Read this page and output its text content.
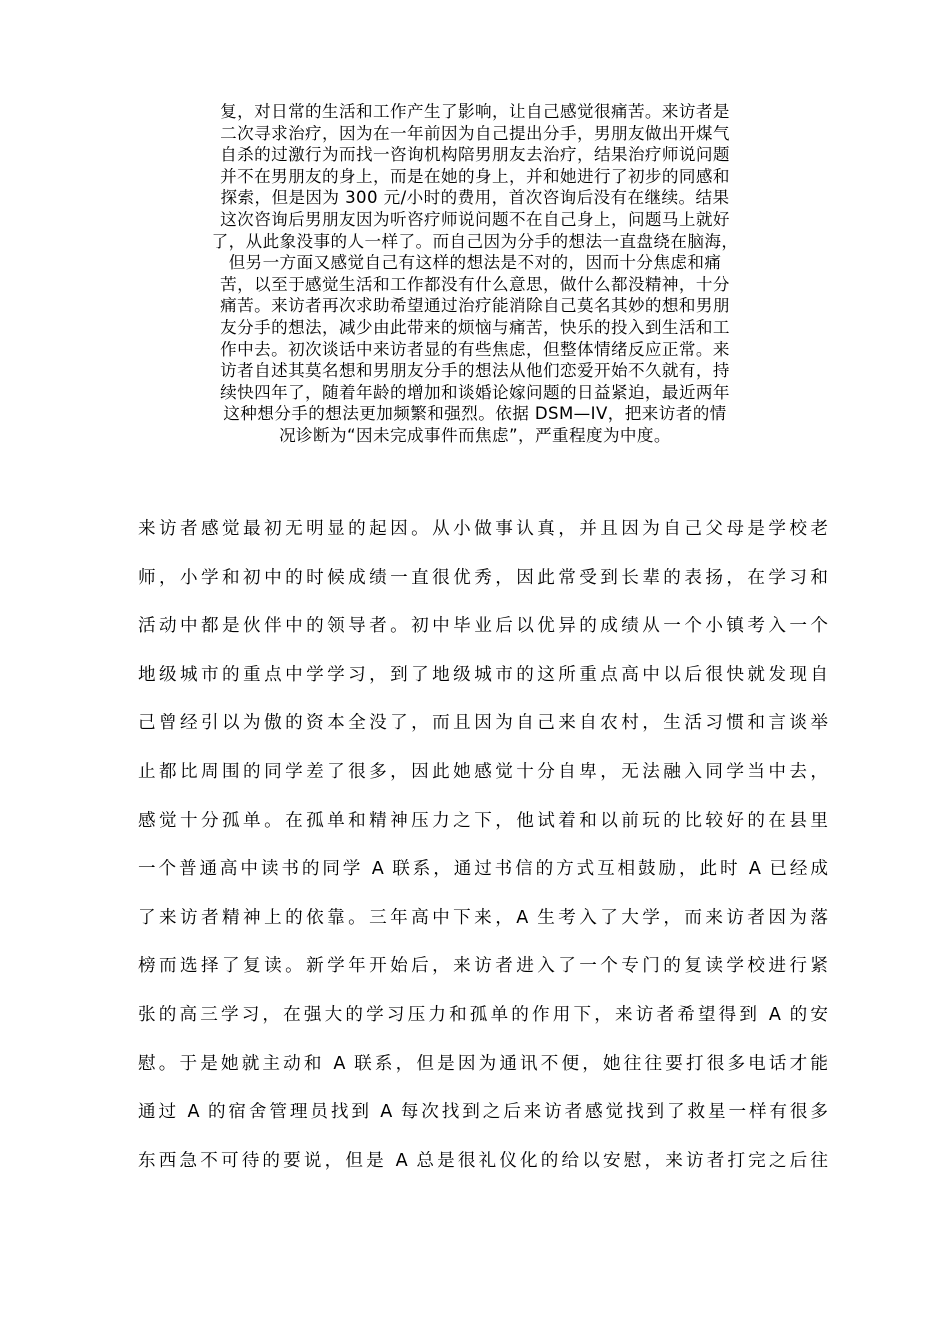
复，对日常的生活和工作产生了影响，让自己感觉很痛苦。来访者是
二次寻求治疗，因为在一年前因为自己提出分手，男朋友做出开煤气
自杀的过激行为而找一咨询机构陪男朋友去治疗，结果治疗师说问题
并不在男朋友的身上，而是在她的身上，并和她进行了初步的同感和
探索，但是因为 300 元/小时的费用，首次咨询后没有在继续。结果
这次咨询后男朋友因为听咨疗师说问题不在自己身上，问题马上就好
了，从此象没事的人一样了。而自己因为分手的想法一直盘绕在脑海，
但另一方面又感觉自己有这样的想法是不对的，因而十分焦虑和痛
苦，以至于感觉生活和工作都没有什么意思，做什么都没精神，十分
痛苦。来访者再次求助希望通过治疗能消除自己莫名其妙的想和男朋
友分手的想法，减少由此带来的烦恼与痛苦，快乐的投入到生活和工
作中去。初次谈话中来访者显的有些焦虑，但整体情绪反应正常。来
访者自述其莫名想和男朋友分手的想法从他们恋爱开始不久就有，持
续快四年了，随着年龄的增加和谈婚论嫁问题的日益紧迫，最近两年
这种想分手的想法更加频繁和强烈。依据 DSM—IV，把来访者的情
况诊断为“因未完成事件而焦虑”，严重程度为中度。
来访者感觉最初无明显的起因。从小做事认真，并且因为自己父母是学校老
师，小学和初中的时候成绩一直很优秀，因此常受到长辈的表扬，在学习和
活动中都是伙伴中的领导者。初中毕业后以优异的成绩从一个小镇考入一个
地级城市的重点中学学习，到了地级城市的这所重点高中以后很快就发现自
己曾经引以为傲的资本全没了，而且因为自己来自农村，生活习惯和言谈举
止都比周围的同学差了很多，因此她感觉十分自卑，无法融入同学当中去，
感觉十分孤单。在孤单和精神压力之下，他试着和以前玩的比较好的在县里
一个普通高中读书的同学 A 联系，通过书信的方式互相鼓励，此时 A 已经成
了来访者精神上的依靠。三年高中下来，A 生考入了大学，而来访者因为落
榜而选择了复读。新学年开始后，来访者进入了一个专门的复读学校进行紧
张的高三学习，在强大的学习压力和孤单的作用下，来访者希望得到 A 的安
慰。于是她就主动和 A 联系，但是因为通讯不便，她往往要打很多电话才能
通过 A 的宿舍管理员找到 A 每次找到之后来访者感觉找到了救星一样有很多
东西急不可待的要说，但是 A 总是很礼仪化的给以安慰，来访者打完之后往
